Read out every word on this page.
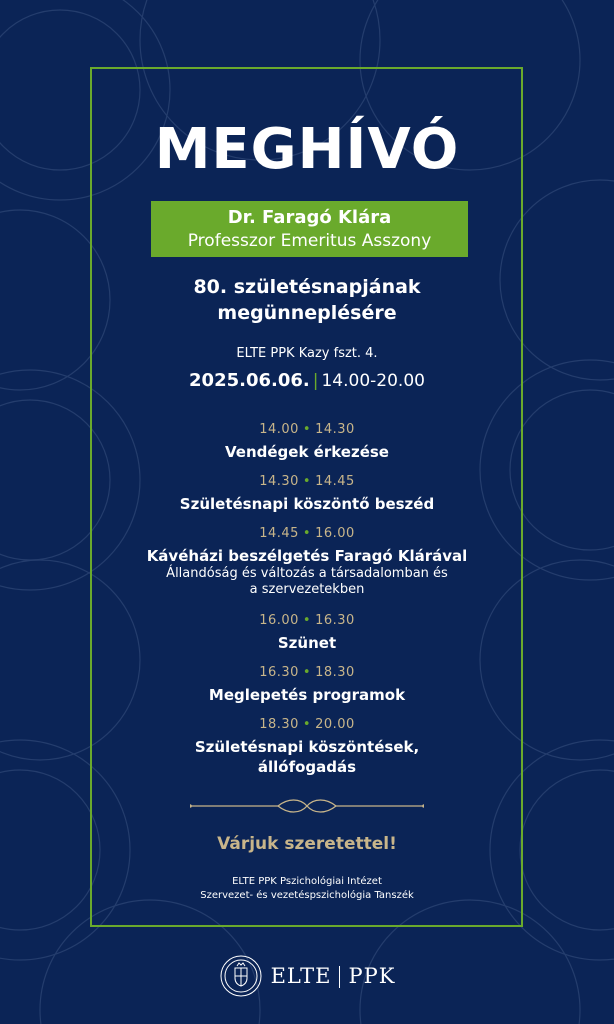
MEGHÍVÓ
Dr. Faragó Klára
Professzor Emeritus Asszony
80. születésnapjának
megünneplésére
ELTE PPK Kazy fszt. 4.
2025.06.06. | 14.00-20.00
14.00 • 14.30
Vendégek érkezése
14.30 • 14.45
Születésnapi köszöntő beszéd
14.45 • 16.00
Kávéházi beszélgetés Faragó Klárával
Állandóság és változás a társadalomban és
a szervezetekben
16.00 • 16.30
Szünet
16.30 • 18.30
Meglepetés programok
18.30 • 20.00
Születésnapi köszöntések,
állófogadás
Várjuk szeretettel!
ELTE PPK Pszichológiai Intézet
Szervezet- és vezetéspszichológia Tanszék
ELTE PPK
